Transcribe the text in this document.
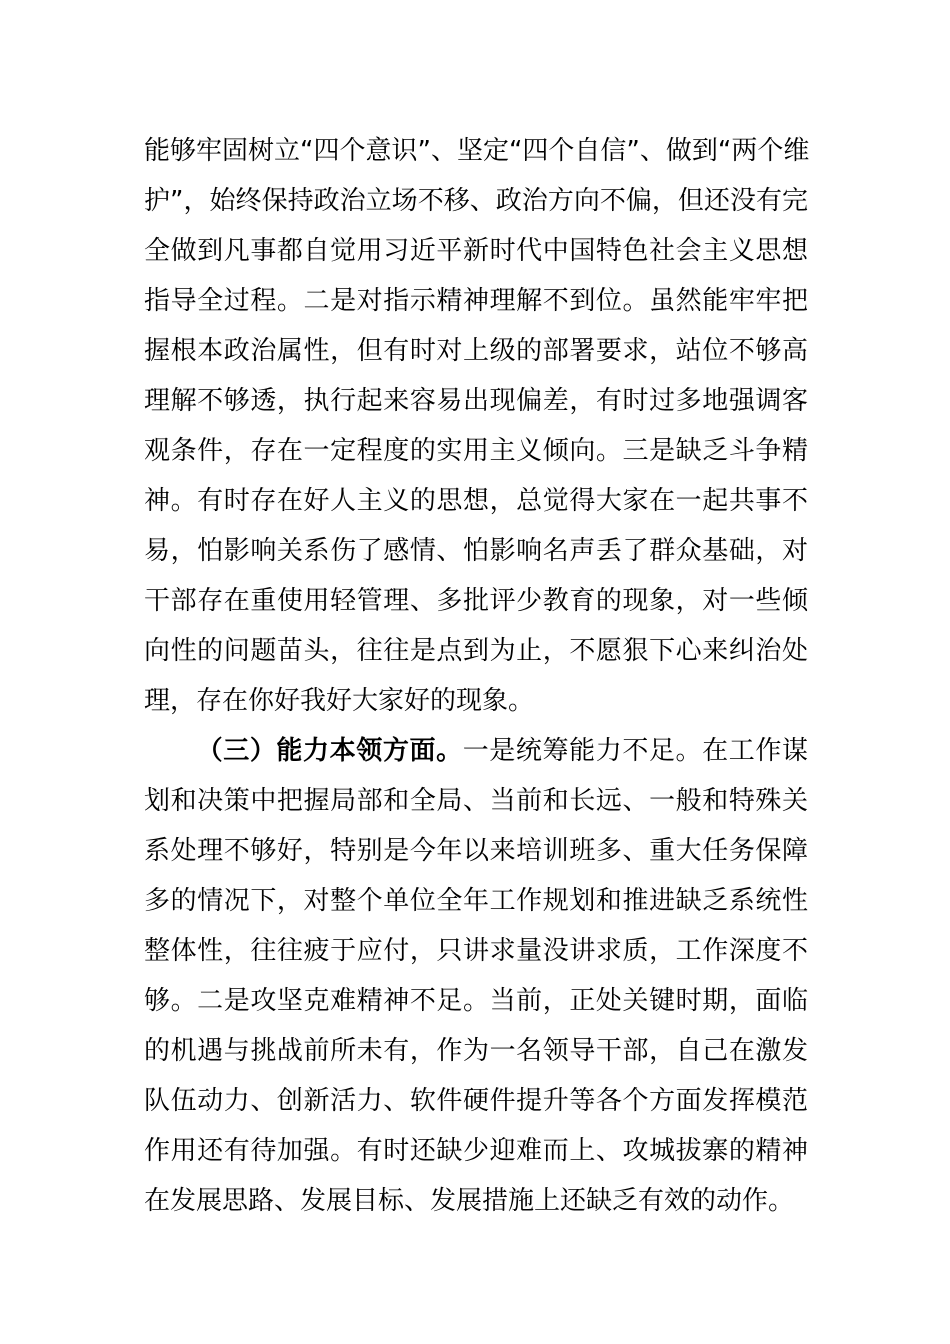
能够牢固树立“四个意识”、坚定“四个自信”、做到“两个维
护”，始终保持政治立场不移、政治方向不偏，但还没有完
全做到凡事都自觉用习近平新时代中国特色社会主义思想
指导全过程。二是对指示精神理解不到位。虽然能牢牢把
握根本政治属性，但有时对上级的部署要求，站位不够高
理解不够透，执行起来容易出现偏差，有时过多地强调客
观条件，存在一定程度的实用主义倾向。三是缺乏斗争精
神。有时存在好人主义的思想，总觉得大家在一起共事不
易，怕影响关系伤了感情、怕影响名声丢了群众基础，对
干部存在重使用轻管理、多批评少教育的现象，对一些倾
向性的问题苗头，往往是点到为止，不愿狠下心来纠治处
理，存在你好我好大家好的现象。
（三）能力本领方面。一是统筹能力不足。在工作谋
划和决策中把握局部和全局、当前和长远、一般和特殊关
系处理不够好，特别是今年以来培训班多、重大任务保障
多的情况下，对整个单位全年工作规划和推进缺乏系统性
整体性，往往疲于应付，只讲求量没讲求质，工作深度不
够。二是攻坚克难精神不足。当前，正处关键时期，面临
的机遇与挑战前所未有，作为一名领导干部，自己在激发
队伍动力、创新活力、软件硬件提升等各个方面发挥模范
作用还有待加强。有时还缺少迎难而上、攻城拔寨的精神
在发展思路、发展目标、发展措施上还缺乏有效的动作。
